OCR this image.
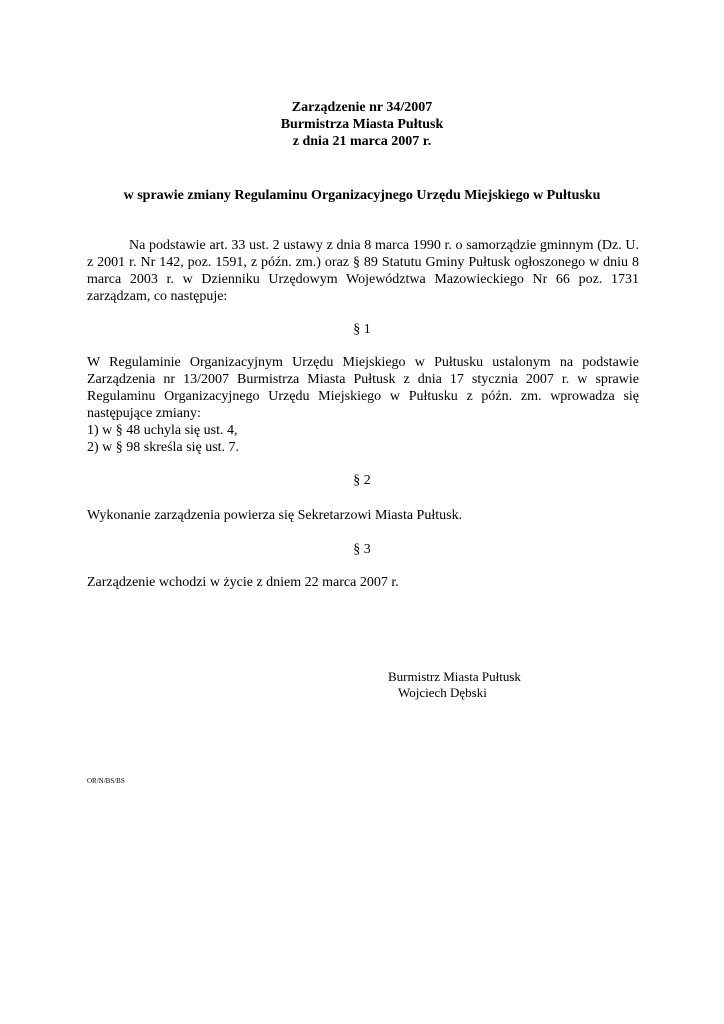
Zarządzenie nr 34/2007
Burmistrza Miasta Pułtusk
z dnia 21 marca 2007 r.
w sprawie zmiany Regulaminu Organizacyjnego Urzędu Miejskiego w Pułtusku
Na podstawie art. 33 ust. 2 ustawy z dnia 8 marca 1990 r. o samorządzie gminnym (Dz. U. z 2001 r. Nr 142, poz. 1591, z późn. zm.) oraz § 89 Statutu Gminy Pułtusk ogłoszonego w dniu 8 marca 2003 r. w Dzienniku Urzędowym Województwa Mazowieckiego Nr 66 poz. 1731 zarządzam, co następuje:
§ 1
W Regulaminie Organizacyjnym Urzędu Miejskiego w Pułtusku ustalonym na podstawie Zarządzenia nr 13/2007 Burmistrza Miasta Pułtusk z dnia 17 stycznia 2007 r. w sprawie Regulaminu Organizacyjnego Urzędu Miejskiego w Pułtusku z późn. zm. wprowadza się następujące zmiany:
1) w § 48 uchyla się ust. 4,
2) w § 98 skreśla się ust. 7.
§ 2
Wykonanie zarządzenia powierza się Sekretarzowi Miasta Pułtusk.
§ 3
Zarządzenie wchodzi w życie z dniem 22 marca 2007 r.
Burmistrz Miasta Pułtusk
Wojciech Dębski
OR/N/BS/BS
